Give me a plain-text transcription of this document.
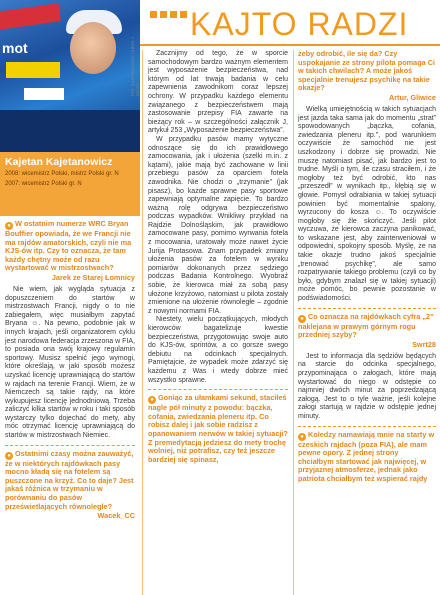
mot	FOT. KAJETANOWICZ / ARCH. / KAJTO
KAJTO RADZI
Kajetan Kajetanowicz
2008: wicemistrz Polski, mistrz Polski gr. N
2007: wicemistrz Polski gr. N

● W ostatnim numerze WRC Bryan Bouffier opowiada, że we Francji nie ma rajdów amatorskich, czyli nie ma KJS-ów itp. Czy to oznacza, że tam każdy chętny może od razu wystartować w mistrzostwach?

Jarek ze Starej Łomnicy

Nie wiem, jak wygląda sytuacja z dopuszczeniem do startów w mistrzostwach Francji, nigdy o to nie zabiegałem, więc musiałbym zapytać Bryana ☺. Na pewno, podobnie jak w innych krajach, jeśli organizatorem cyklu jest narodowa federacja zrzeszona w FIA, to posiada ona swój krajowy regulamin sportowy. Musisz spełnić jego wymogi, które określają, w jaki sposób możesz uzyskać licencję uprawniającą do startów w rajdach na terenie Francji. Wiem, że w Niemczech są takie rajdy, na które wykupujesz licencję jednodniową. Trzeba zaliczyć kilka startów w roku i taki sposób wystarczy tylko dojechać do mety, aby móc otrzymać licencję uprawniającą do startów w mistrzostwach Niemiec.

● Ostatnimi czasy można zauważyć, że w niektórych rajdówkach pasy mocno kładą się na fotelem są puszczone na krzyż. Co to daje? Jest jakaś różnica w trzymaniu w porównaniu do pasów prześwietlających równolegle?

Wacek_CC

Zacznijmy od tego, że w sporcie samochodowym bardzo ważnym elementem jest wyposażenie bezpieczeństwa, nad którym od lat trwają badania w celu zapewnienia zawodnikom coraz lepszej ochrony. W przypadku każdego elementu związanego z bezpieczeństwem mają zastosowanie przepisy FIA zawarte na bieżący rok – w szczególności załącznik J, artykuł 253 „Wyposażenie bezpieczeństwa”.

W przypadku pasów mamy wytyczne odnoszące się do ich prawidłowego zamocowania, jak i ułożenia (szelki m.in. z kątami), jakie mają być zachowane w linii przebiegu pasów za oparciem fotela zawodnika. Nie chodzi o „trzymanie” (jak pisasz), bo każde sprawne pasy sportowe zapewniają optymalne zapięcie. To bardzo ważną rolę odgrywa bezpieczeństwo podczas wypadków. Wnikliwy przykład na Rajdzie Dolnośląskim, jak prawidłowo zamocowane pasy, pomimo wyrwania fotela z mocowania, uratowały może nawet życie Jurija Protasowa. Znam przypadek zmiany ułożenia pasów za fotelem w wyniku pomiarów dokonanych przez sędziego podczas Badania Kontrolnego. Wyobraź sobie, że kierowca miał za sobą pasy ułożone krzyżowo, natomiast u pilota zostały zmienione na ułożenie równoległe – zgodnie z nowymi normami FIA.

Niestety, wielu początkujących, młodych kierowców bagatelizuje kwestie bezpieczeństwa, przygotowując swoje auto do KJS-ów, sprintów, a co gorsze swego debiutu na odcinkach specjalnych. Pamiętajcie, że wypadek może zdarzyć się każdemu z Was i wtedy dobrze mieć wszystko sprawne.

● Goniąc za ułamkami sekund, staciłeś nagle pół minuty z powodu: bączka, cofania, zwiedzania pleneru itp. Co robisz dalej i jak sobie radzisz z opanowaniem nerwów w takiej sytuacji? Z premedytacją jedziesz do mety trochę wolniej, niż potrafisz, czy też jeszcze bardziej się spinasz,

żeby odrobić, ile się da? Czy uspokajanie ze strony pilota pomaga Ci w takich chwilach? A może jakoś specjalnie trenujesz psychikę na takie okazje?

Artur, Gliwice

Wielką umiejętnością w takich sytuacjach jest jazda taka sama jak do momentu „strat” spowodowanych „bączka, cofania, zwiedzania pleneru itp.”, pod warunkiem oczywiście że samochód nie jest uszkodzony i dobrze się prowadzi. Nie muszę natomiast pisać, jak bardzo jest to trudne. Myśli o tym, ile czasu straciłem, i że mogłoby też być odrobić, kto nas „przeszedł” w wynikach itp., kłębią się w głowie. Pomysł odrabiania w takiej sytuacji powinien być momentalnie spalony, wyrzucony do kosza ☺. To oczywiście mogłoby się źle skończyć. Jeśli pilot wyczuwa, że kierowca zaczyna panikować, to wskazane jest, aby zainterweniował w odpowiedni, spokojny sposób. Myślę, że na takie okazje trudno jakoś specjalnie „trenować psychikę”, ale samo rozpatrywanie takiego problemu (czyli co by było, gdybym znalazł się w takiej sytuacji) może pomóc, bo pewnie pozostanie w podświadomości.

● Co oznacza na rajdówkach cyfra „2” naklejana w prawym górnym rogu przedniej szyby?

Swrt28

Jest to informacja dla sędziów będących na starcie do odcinka specjalnego, przypominająca o załogach, które mają wystartować do niego w odstępie co najmniej dwóch minut za poprzedzającą załogą. Jest to o tyle ważne, jeśli kolejne załogi startują w rajdzie w odstępie jednej minuty.

● Koledzy namawiają mnie na starty w czeskich rajdach (poza FIA), ale mam pewne opory. Z jednej strony chciałbym startować jak najwięcej, w przyjaznej atmosferze, jednak jako patriota chciałbym też wspierać rajdy
